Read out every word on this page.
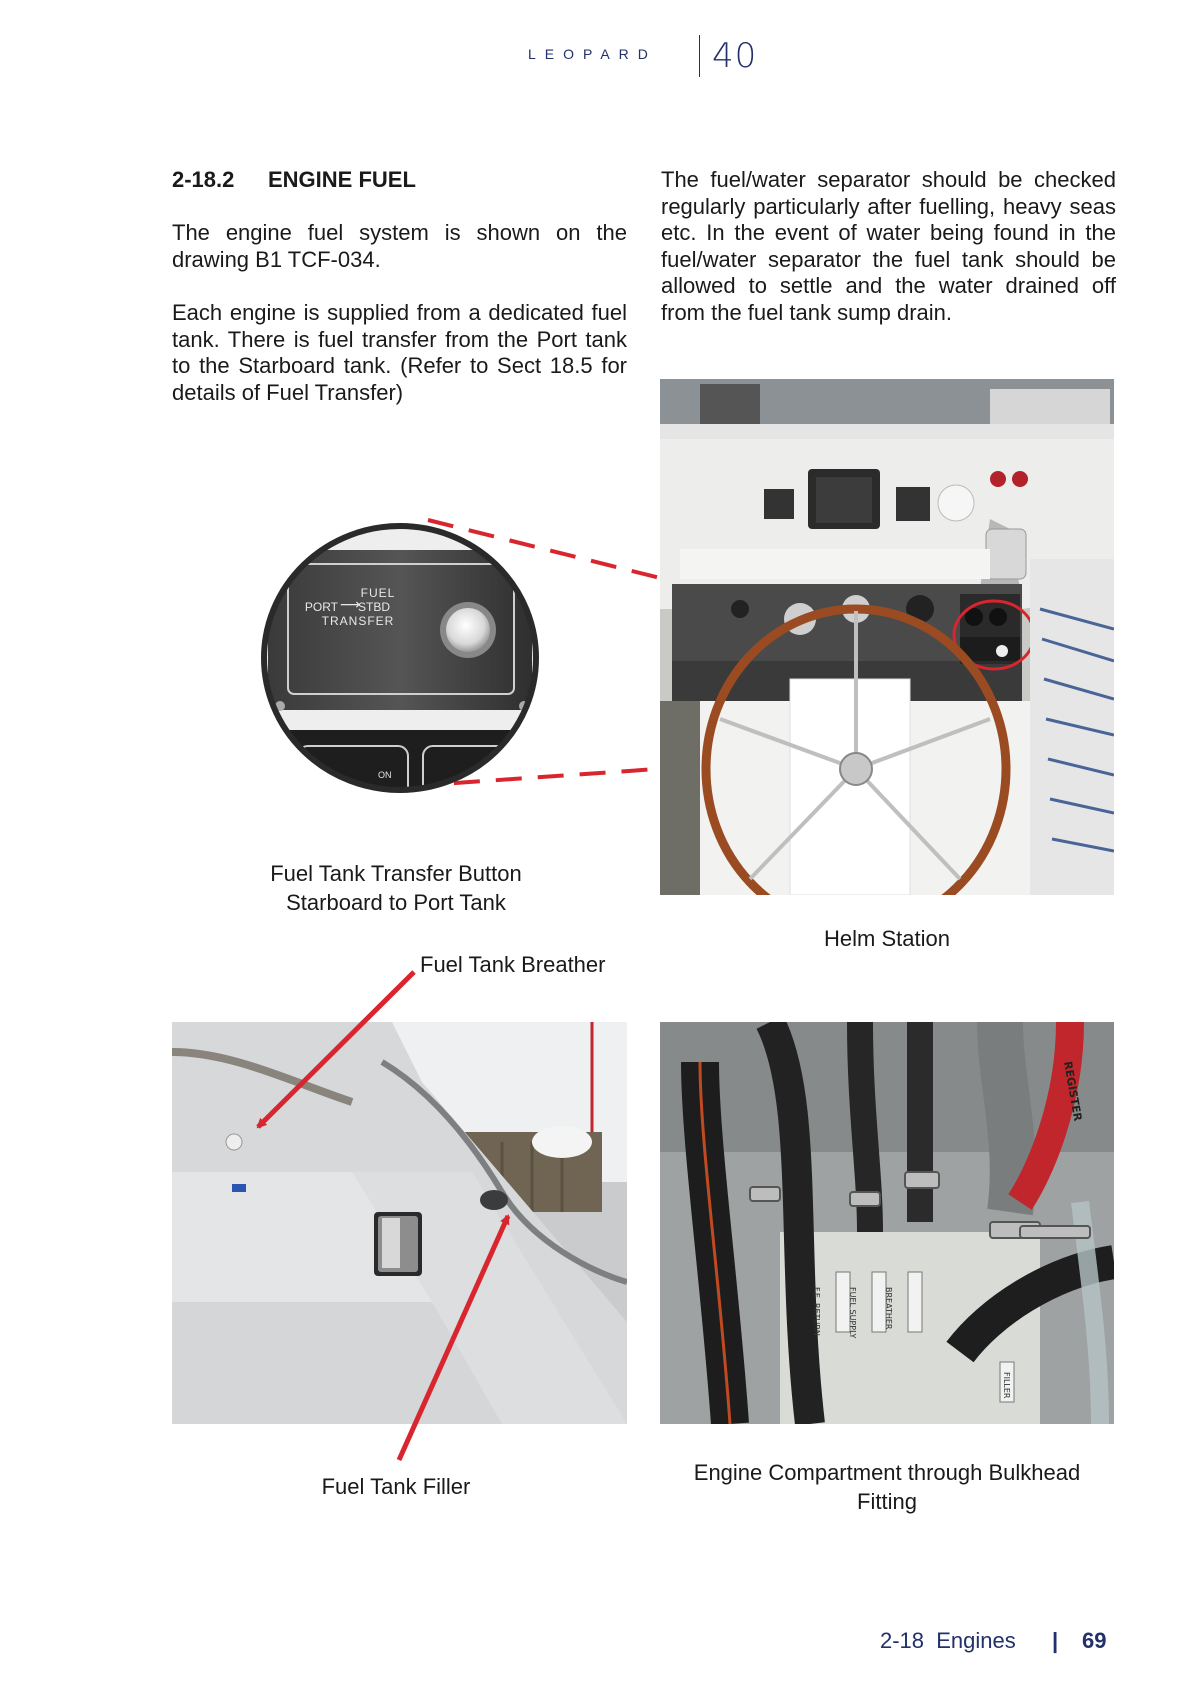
LEOPARD	40
2-18.2 ENGINE FUEL
The engine fuel system is shown on the drawing B1 TCF-034.
Each engine is supplied from a dedicated fuel tank. There is fuel transfer from the Port tank to the Starboard tank. (Refer to Sect 18.5 for details of Fuel Transfer)
The fuel/water separator should be checked regularly particularly after fuelling, heavy seas etc. In the event of water being found in the fuel/water separator the fuel tank should be allowed to settle and the water drained off from the fuel tank sump drain.
FUEL
PORT ⟶
STBD
TRANSFER
ON
Fuel Tank Transfer Button
Starboard to Port Tank
Helm Station
Fuel Tank Breather
F.E. RETURN	FUEL SUPPLY	BREATHER
FILLER
REGISTER
Fuel Tank Filler
Engine Compartment through Bulkhead
Fitting
2-18  Engines | 69
